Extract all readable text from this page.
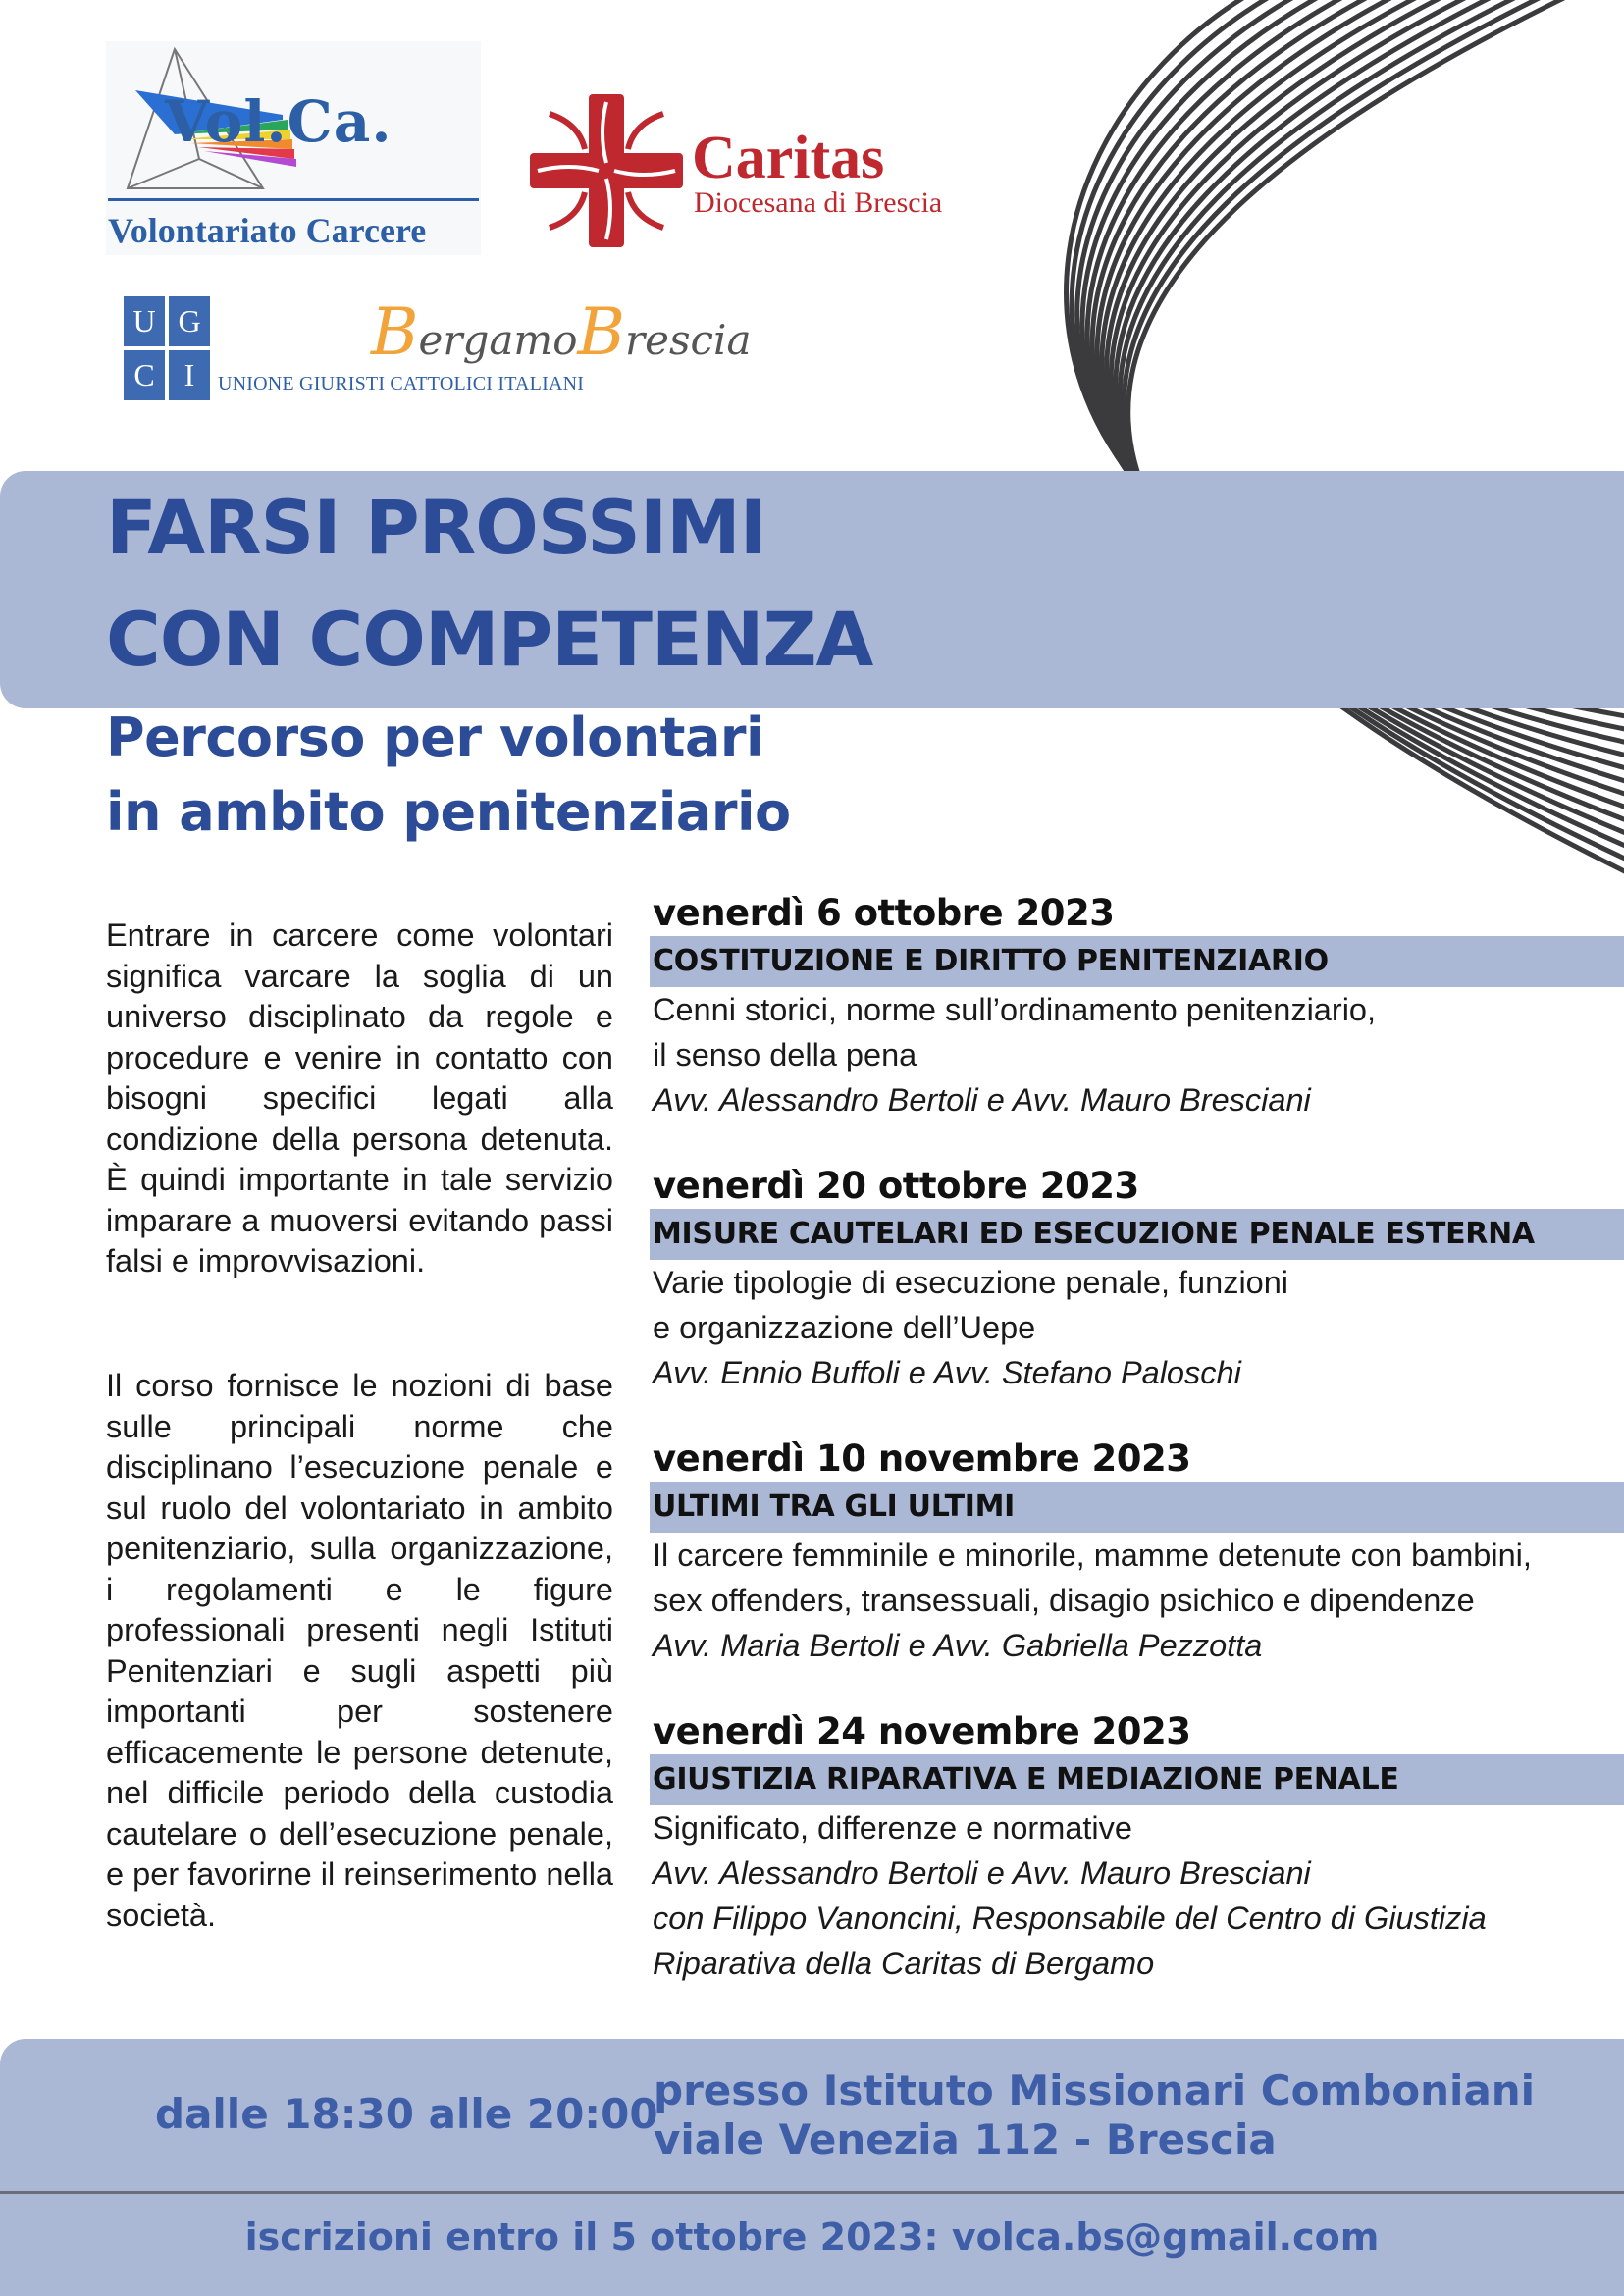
Vol.Ca.
Volontariato Carcere
Caritas
Diocesana di Brescia
U G
C I
BergamoBrescia
UNIONE GIURISTI CATTOLICI ITALIANI
FARSI PROSSIMI
CON COMPETENZA
Percorso per volontari
in ambito penitenziario

Entrare in carcere come volontari significa varcare la soglia di un universo disciplinato da regole e procedure e venire in contatto con bisogni specifici legati alla condizione della persona detenuta. È quindi importante in tale servizio imparare a muoversi evitando passi falsi e improvvisazioni.

Il corso fornisce le nozioni di base sulle principali norme che disciplinano l’esecuzione penale e sul ruolo del volontariato in ambito penitenziario, sulla organizzazione, i regolamenti e le figure professionali presenti negli Istituti Penitenziari e sugli aspetti più importanti per sostenere efficacemente le persone detenute, nel difficile periodo della custodia cautelare o dell’esecuzione penale, e per favorirne il reinserimento nella società.

venerdì 6 ottobre 2023
COSTITUZIONE E DIRITTO PENITENZIARIO
Cenni storici, norme sull’ordinamento penitenziario,
il senso della pena
Avv. Alessandro Bertoli e Avv. Mauro Bresciani
venerdì 20 ottobre 2023
MISURE CAUTELARI ED ESECUZIONE PENALE ESTERNA
Varie tipologie di esecuzione penale, funzioni
e organizzazione dell’Uepe
Avv. Ennio Buffoli e Avv. Stefano Paloschi
venerdì 10 novembre 2023
ULTIMI TRA GLI ULTIMI
Il carcere femminile e minorile, mamme detenute con bambini,
sex offenders, transessuali, disagio psichico e dipendenze
Avv. Maria Bertoli e Avv. Gabriella Pezzotta
venerdì 24 novembre 2023
GIUSTIZIA RIPARATIVA E MEDIAZIONE PENALE
Significato, differenze e normative
Avv. Alessandro Bertoli e Avv. Mauro Bresciani
con Filippo Vanoncini, Responsabile del Centro di Giustizia
Riparativa della Caritas di Bergamo
dalle 18:30 alle 20:00
presso Istituto Missionari Comboniani
viale Venezia 112 - Brescia
iscrizioni entro il 5 ottobre 2023: volca.bs@gmail.com
